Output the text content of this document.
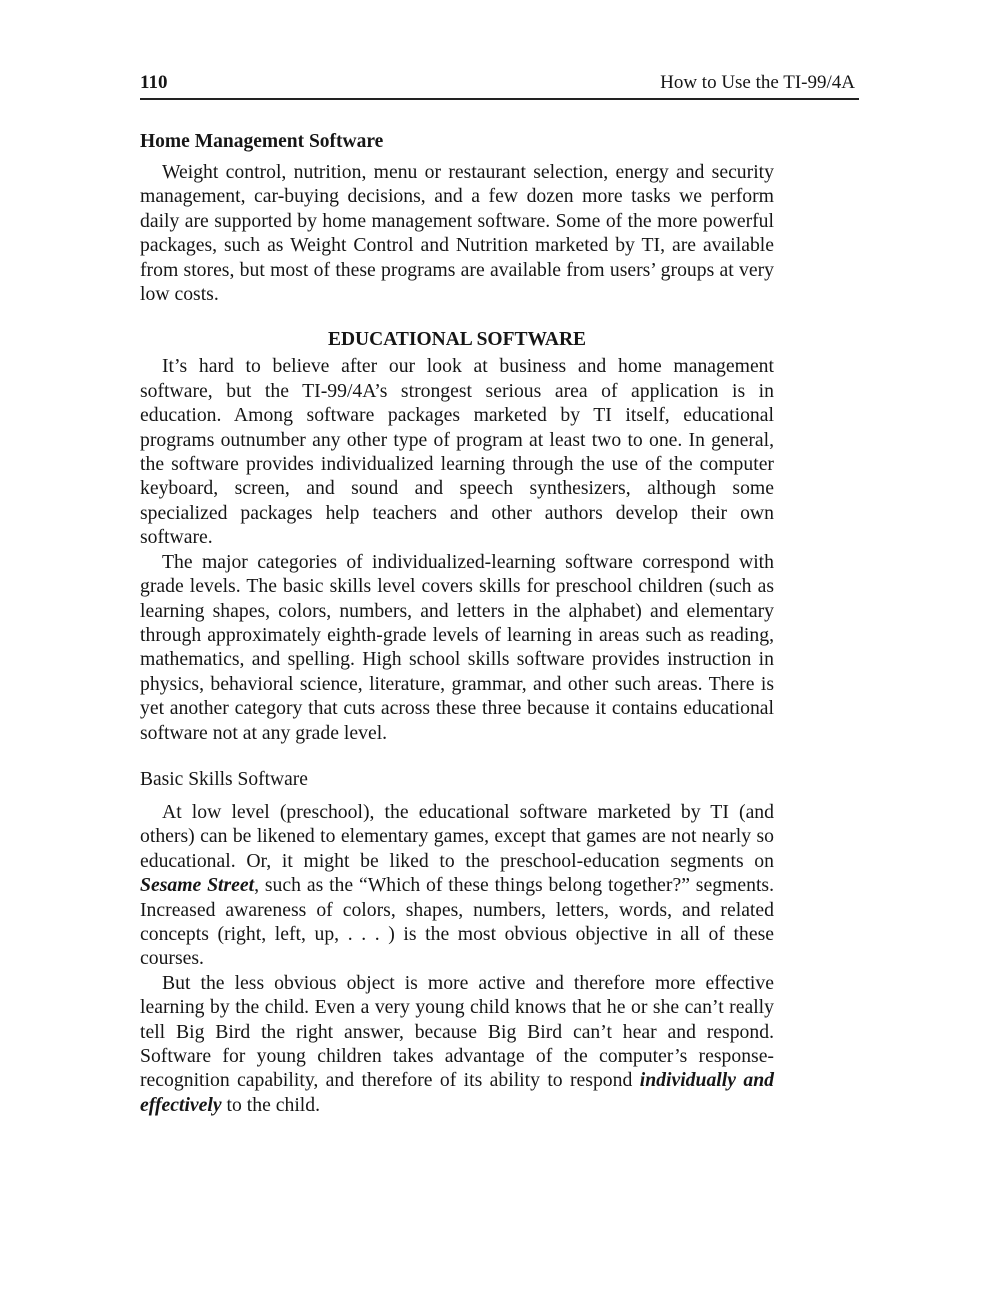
110	How to Use the TI-99/4A
Home Management Software

Weight control, nutrition, menu or restaurant selection, energy and security management, car-buying decisions, and a few dozen more tasks we perform daily are supported by home management software. Some of the more powerful packages, such as Weight Control and Nutrition marketed by TI, are available from stores, but most of these programs are available from users’ groups at very low costs.

EDUCATIONAL SOFTWARE

It’s hard to believe after our look at business and home management software, but the TI-99/4A’s strongest serious area of application is in education. Among software packages marketed by TI itself, educational programs outnumber any other type of program at least two to one. In general, the software provides individualized learning through the use of the computer keyboard, screen, and sound and speech synthesizers, although some specialized packages help teachers and other authors develop their own software.

The major categories of individualized-learning software correspond with grade levels. The basic skills level covers skills for preschool children (such as learning shapes, colors, numbers, and letters in the alphabet) and elementary through approximately eighth-grade levels of learning in areas such as reading, mathematics, and spelling. High school skills software provides instruction in physics, behavioral science, literature, grammar, and other such areas. There is yet another category that cuts across these three because it contains educational software not at any grade level.

Basic Skills Software

At low level (preschool), the educational software marketed by TI (and others) can be likened to elementary games, except that games are not nearly so educational. Or, it might be liked to the preschool-education segments on Sesame Street, such as the “Which of these things belong together?” segments. Increased awareness of colors, shapes, numbers, letters, words, and related concepts (right, left, up, . . . ) is the most obvious objective in all of these courses.

But the less obvious object is more active and therefore more effective learning by the child. Even a very young child knows that he or she can’t really tell Big Bird the right answer, because Big Bird can’t hear and respond. Software for young children takes advantage of the computer’s response-recognition capability, and therefore of its ability to respond individually and effectively to the child.
